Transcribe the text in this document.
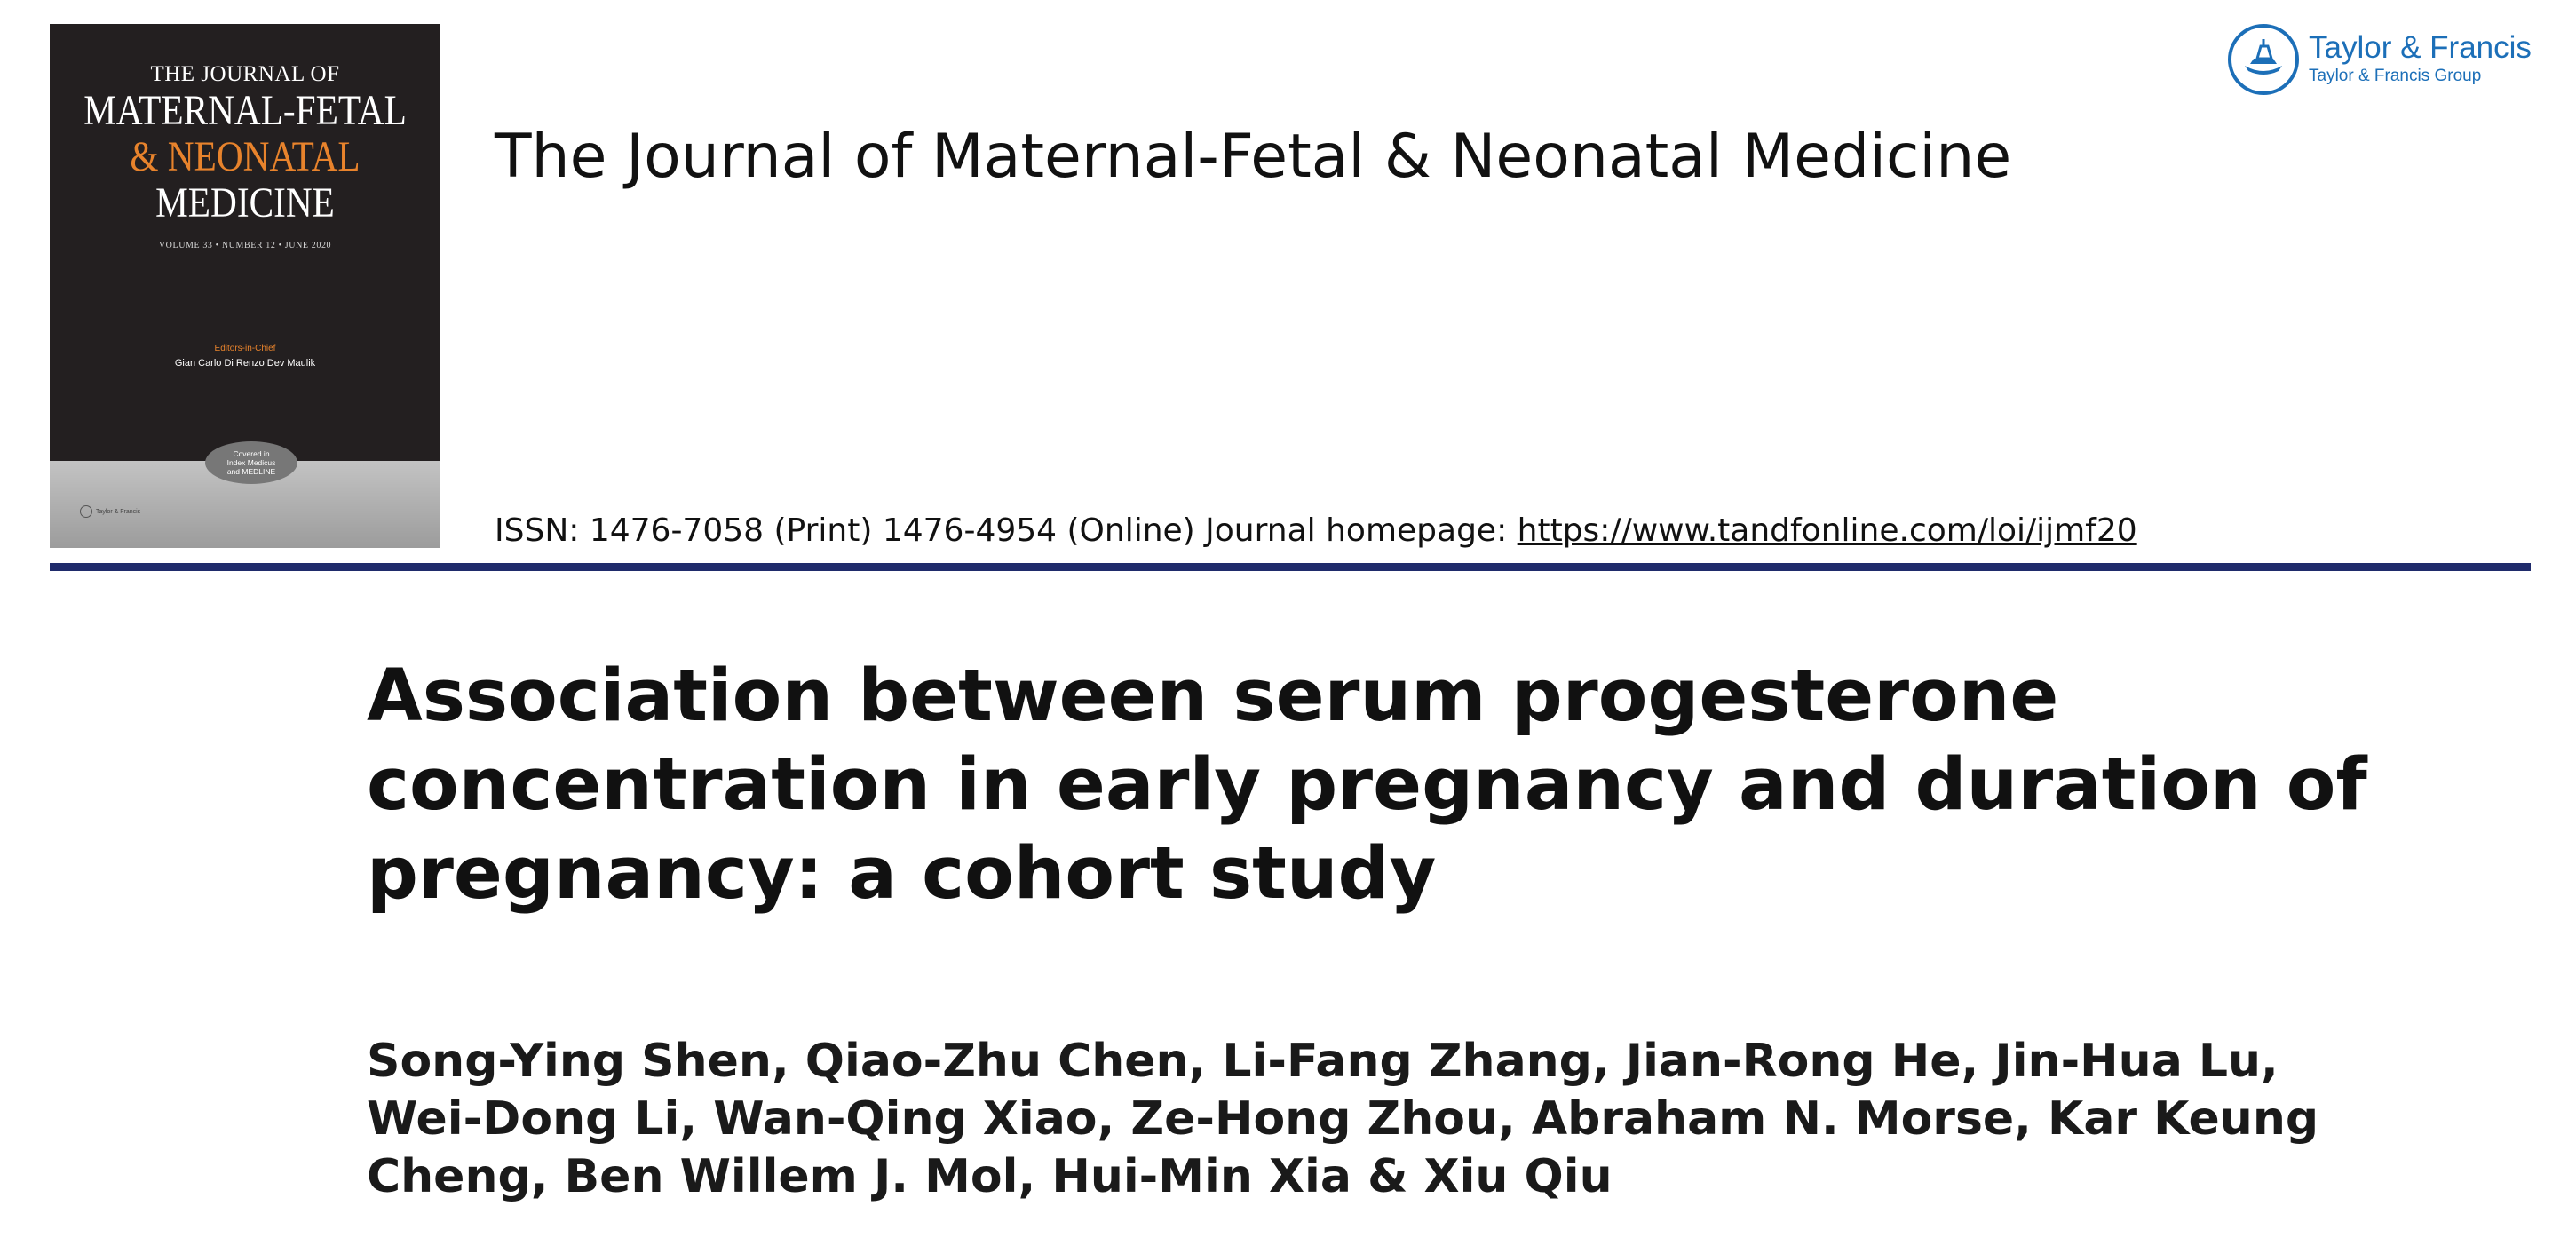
THE JOURNAL OF
MATERNAL-FETAL
& NEONATAL
MEDICINE
VOLUME 33 • NUMBER 12 • JUNE 2020
Editors-in-Chief
Gian Carlo Di Renzo Dev Maulik
Covered in
Index Medicus
and MEDLINE
Taylor & Francis
The Journal of Maternal-Fetal & Neonatal Medicine
ISSN: 1476-7058 (Print) 1476-4954 (Online) Journal homepage: https://www.tandfonline.com/loi/ijmf20
Taylor & Francis
Taylor & Francis Group
Association between serum progesterone concentration in early pregnancy and duration of pregnancy: a cohort study
Song-Ying Shen, Qiao-Zhu Chen, Li-Fang Zhang, Jian-Rong He, Jin-Hua Lu, Wei-Dong Li, Wan-Qing Xiao, Ze-Hong Zhou, Abraham N. Morse, Kar Keung Cheng, Ben Willem J. Mol, Hui-Min Xia & Xiu Qiu
